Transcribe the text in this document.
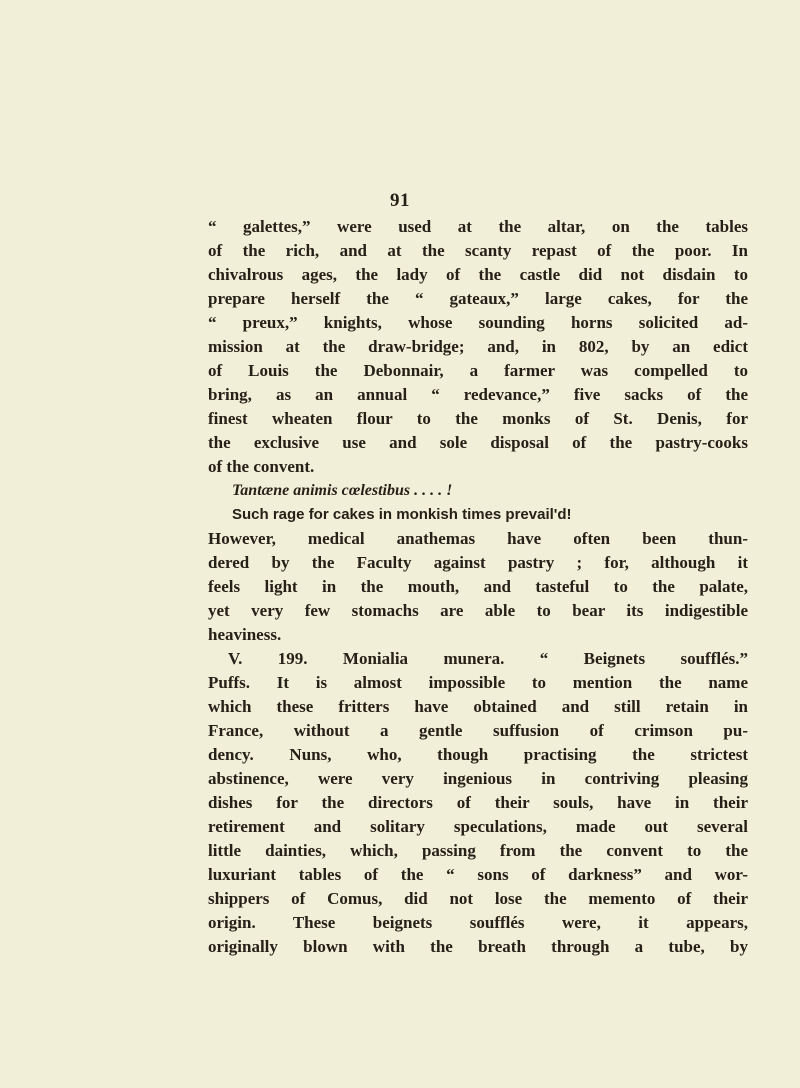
91
“ galettes,” were used at the altar, on the tables
of the rich, and at the scanty repast of the poor. In
chivalrous ages, the lady of the castle did not disdain to
prepare herself the “ gateaux,” large cakes, for the
“ preux,” knights, whose sounding horns solicited ad-
mission at the draw-bridge; and, in 802, by an edict
of Louis the Debonnair, a farmer was compelled to
bring, as an annual “ redevance,” five sacks of the
finest wheaten flour to the monks of St. Denis, for
the exclusive use and sole disposal of the pastry-cooks
of the convent.
Tantæne animis cœlestibus . . . . !
Such rage for cakes in monkish times prevail'd!
However, medical anathemas have often been thun-
dered by the Faculty against pastry ; for, although it
feels light in the mouth, and tasteful to the palate,
yet very few stomachs are able to bear its indigestible
heaviness.
V. 199. Monialia munera. “ Beignets soufflés.”
Puffs. It is almost impossible to mention the name
which these fritters have obtained and still retain in
France, without a gentle suffusion of crimson pu-
dency. Nuns, who, though practising the strictest
abstinence, were very ingenious in contriving pleasing
dishes for the directors of their souls, have in their
retirement and solitary speculations, made out several
little dainties, which, passing from the convent to the
luxuriant tables of the “ sons of darkness” and wor-
shippers of Comus, did not lose the memento of their
origin. These beignets soufflés were, it appears,
originally blown with the breath through a tube, by
